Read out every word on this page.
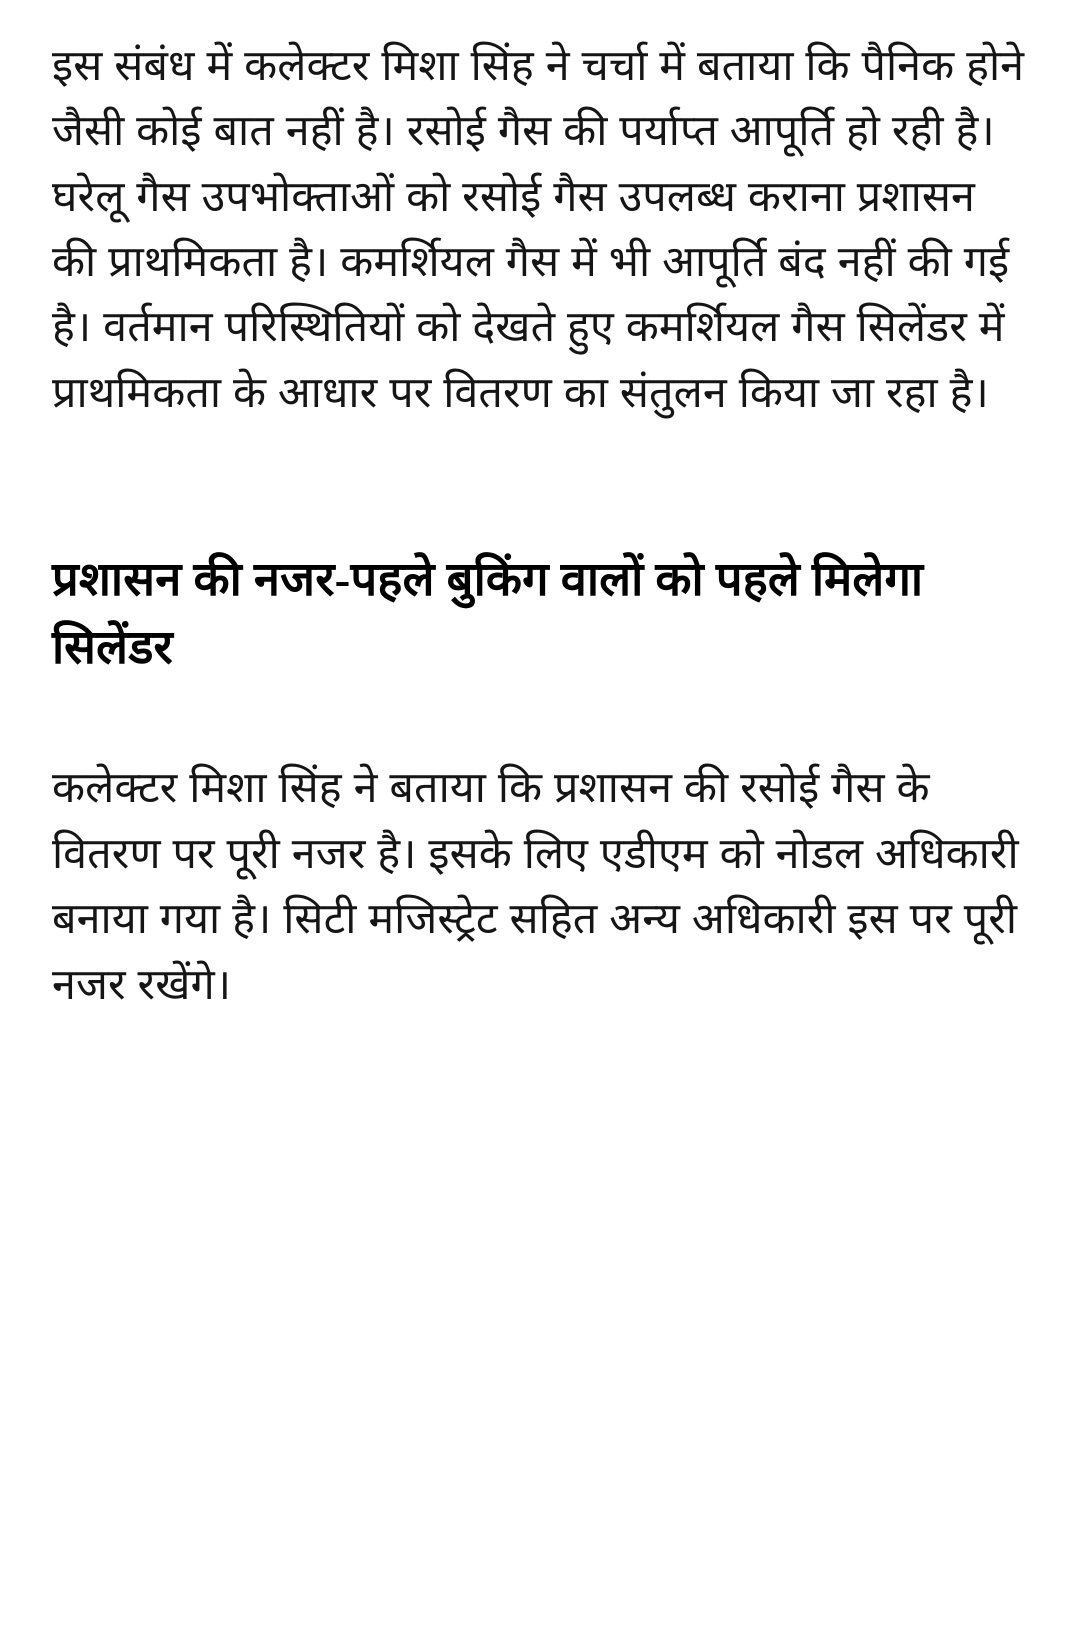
इस संबंध में कलेक्टर मिशा सिंह ने चर्चा में बताया कि पैनिक होने जैसी कोई बात नहीं है। रसोई गैस की पर्याप्त आपूर्ति हो रही है। घरेलू गैस उपभोक्ताओं को रसोई गैस उपलब्ध कराना प्रशासन की प्राथमिकता है। कमर्शियल गैस में भी आपूर्ति बंद नहीं की गई है। वर्तमान परिस्थितियों को देखते हुए कमर्शियल गैस सिलेंडर में प्राथमिकता के आधार पर वितरण का संतुलन किया जा रहा है।

प्रशासन की नजर-पहले बुकिंग वालों को पहले मिलेगा सिलेंडर

कलेक्टर मिशा सिंह ने बताया कि प्रशासन की रसोई गैस के वितरण पर पूरी नजर है। इसके लिए एडीएम को नोडल अधिकारी बनाया गया है। सिटी मजिस्ट्रेट सहित अन्य अधिकारी इस पर पूरी नजर रखेंगे।
